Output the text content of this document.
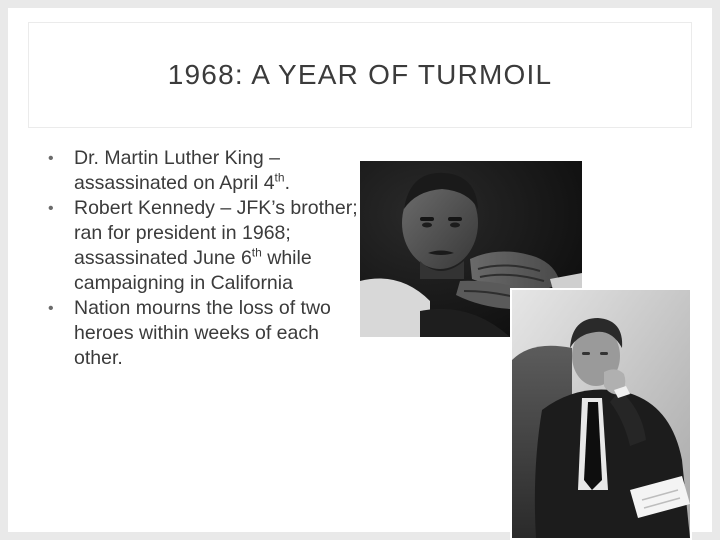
1968: A YEAR OF TURMOIL
• Dr. Martin Luther King – assassinated on April 4th.
• Robert Kennedy – JFK’s brother; ran for president in 1968; assassinated June 6th while campaigning in California
• Nation mourns the loss of two heroes within weeks of each other.
